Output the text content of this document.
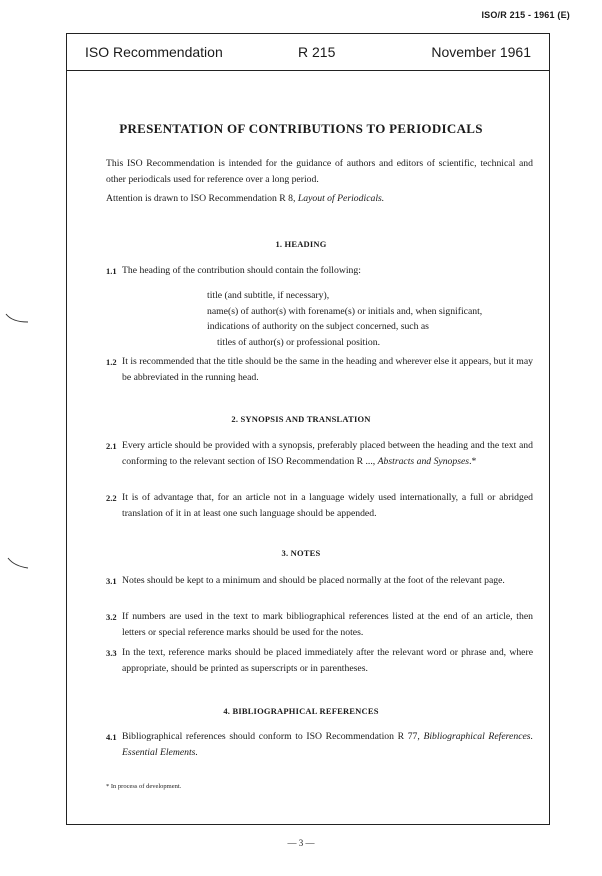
ISO/R 215 - 1961 (E)
ISO Recommendation	R 215	November 1961
PRESENTATION OF CONTRIBUTIONS TO PERIODICALS
This ISO Recommendation is intended for the guidance of authors and editors of scientific, technical and other periodicals used for reference over a long period.
Attention is drawn to ISO Recommendation R 8, Layout of Periodicals.
1. HEADING
1.1 The heading of the contribution should contain the following:
title (and subtitle, if necessary),
name(s) of author(s) with forename(s) or initials and, when significant,
indications of authority on the subject concerned, such as
titles of author(s) or professional position.
1.2 It is recommended that the title should be the same in the heading and wherever else it appears, but it may be abbreviated in the running head.
2. SYNOPSIS AND TRANSLATION
2.1 Every article should be provided with a synopsis, preferably placed between the heading and the text and conforming to the relevant section of ISO Recommendation R ..., Abstracts and Synopses.*
2.2 It is of advantage that, for an article not in a language widely used internationally, a full or abridged translation of it in at least one such language should be appended.
3. NOTES
3.1 Notes should be kept to a minimum and should be placed normally at the foot of the relevant page.
3.2 If numbers are used in the text to mark bibliographical references listed at the end of an article, then letters or special reference marks should be used for the notes.
3.3 In the text, reference marks should be placed immediately after the relevant word or phrase and, where appropriate, should be printed as superscripts or in parentheses.
4. BIBLIOGRAPHICAL REFERENCES
4.1 Bibliographical references should conform to ISO Recommendation R 77, Bibliographical References. Essential Elements.
* In process of development.
— 3 —
